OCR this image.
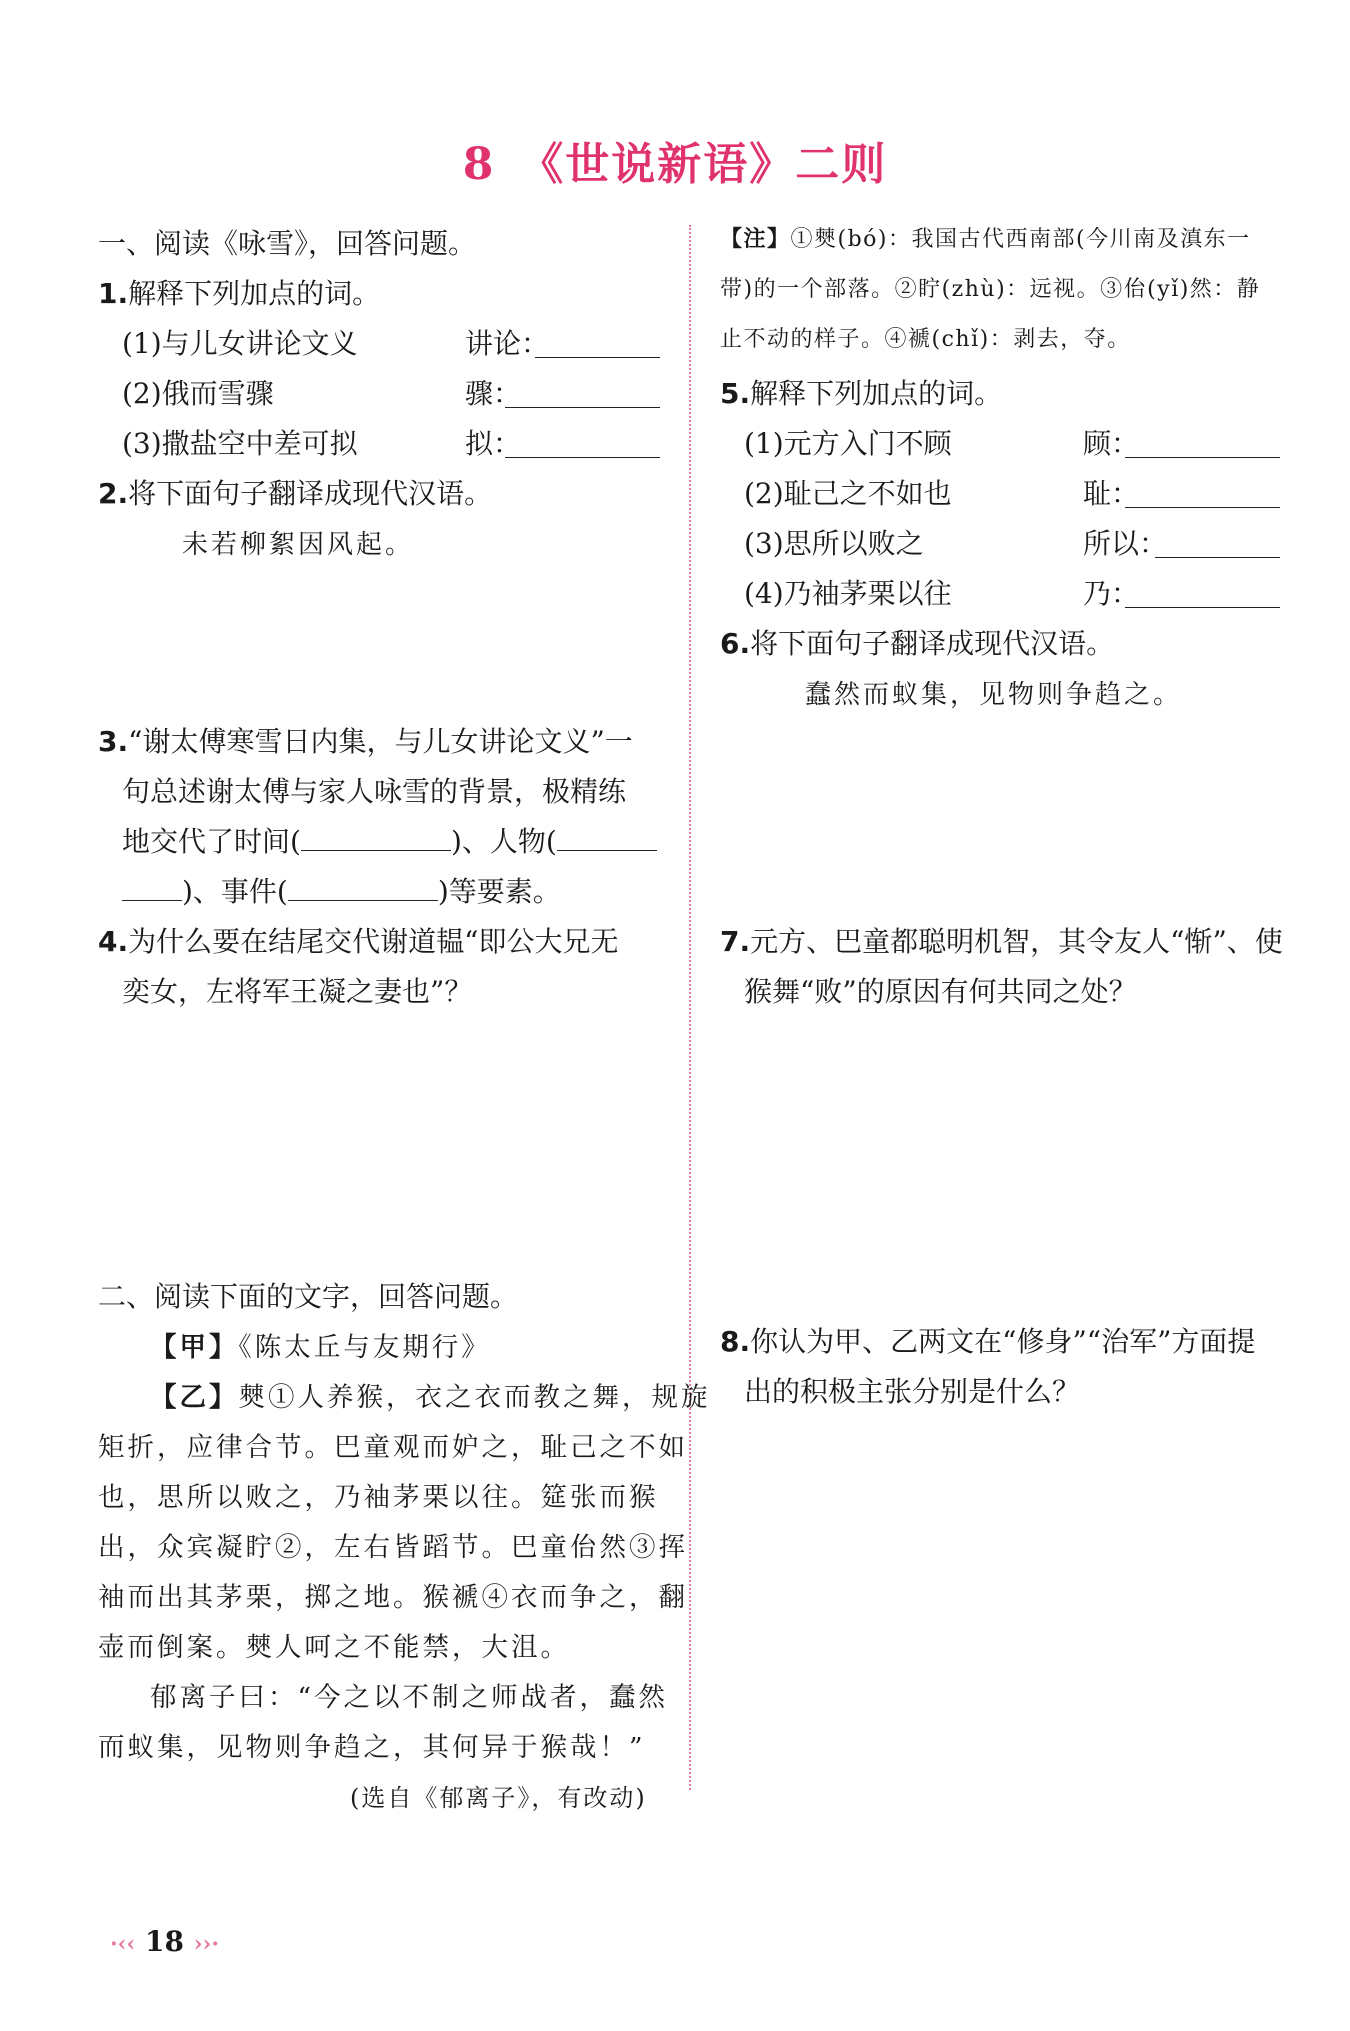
8　《世说新语》二则
一、阅读《咏雪》，回答问题。
1.解释下列加点的词。
(1)与儿女讲论文义	讲论：
(2)俄而雪骤	骤：
(3)撒盐空中差可拟	拟：
2.将下面句子翻译成现代汉语。
未若柳絮因风起。
3.“谢太傅寒雪日内集，与儿女讲论文义”一
句总述谢太傅与家人咏雪的背景，极精练
地交代了时间(	)、人物(
)、事件(	)等要素。
4.为什么要在结尾交代谢道韫“即公大兄无
奕女，左将军王凝之妻也”？
二、阅读下面的文字，回答问题。
【甲】《陈太丘与友期行》
【乙】僰①人养猴，衣之衣而教之舞，规旋
矩折，应律合节。巴童观而妒之，耻己之不如
也，思所以败之，乃袖茅栗以往。筵张而猴
出，众宾凝眝②，左右皆蹈节。巴童佁然③挥
袖而出其茅栗，掷之地。猴褫④衣而争之，翻
壶而倒案。僰人呵之不能禁，大沮。
郁离子曰：“今之以不制之师战者，蠢然
而蚁集，见物则争趋之，其何异于猴哉！”
(选自《郁离子》，有改动)
【注】①僰(bó)：我国古代西南部(今川南及滇东一
带)的一个部落。②眝(zhù)：远视。③佁(yǐ)然：静
止不动的样子。④褫(chǐ)：剥去，夺。
5.解释下列加点的词。
(1)元方入门不顾	顾：
(2)耻己之不如也	耻：
(3)思所以败之	所以：
(4)乃袖茅栗以往	乃：
6.将下面句子翻译成现代汉语。
蠢然而蚁集，见物则争趋之。
7.元方、巴童都聪明机智，其令友人“惭”、使
猴舞“败”的原因有何共同之处？
8.你认为甲、乙两文在“修身”“治军”方面提
出的积极主张分别是什么？
·‹‹ 18 ››·
